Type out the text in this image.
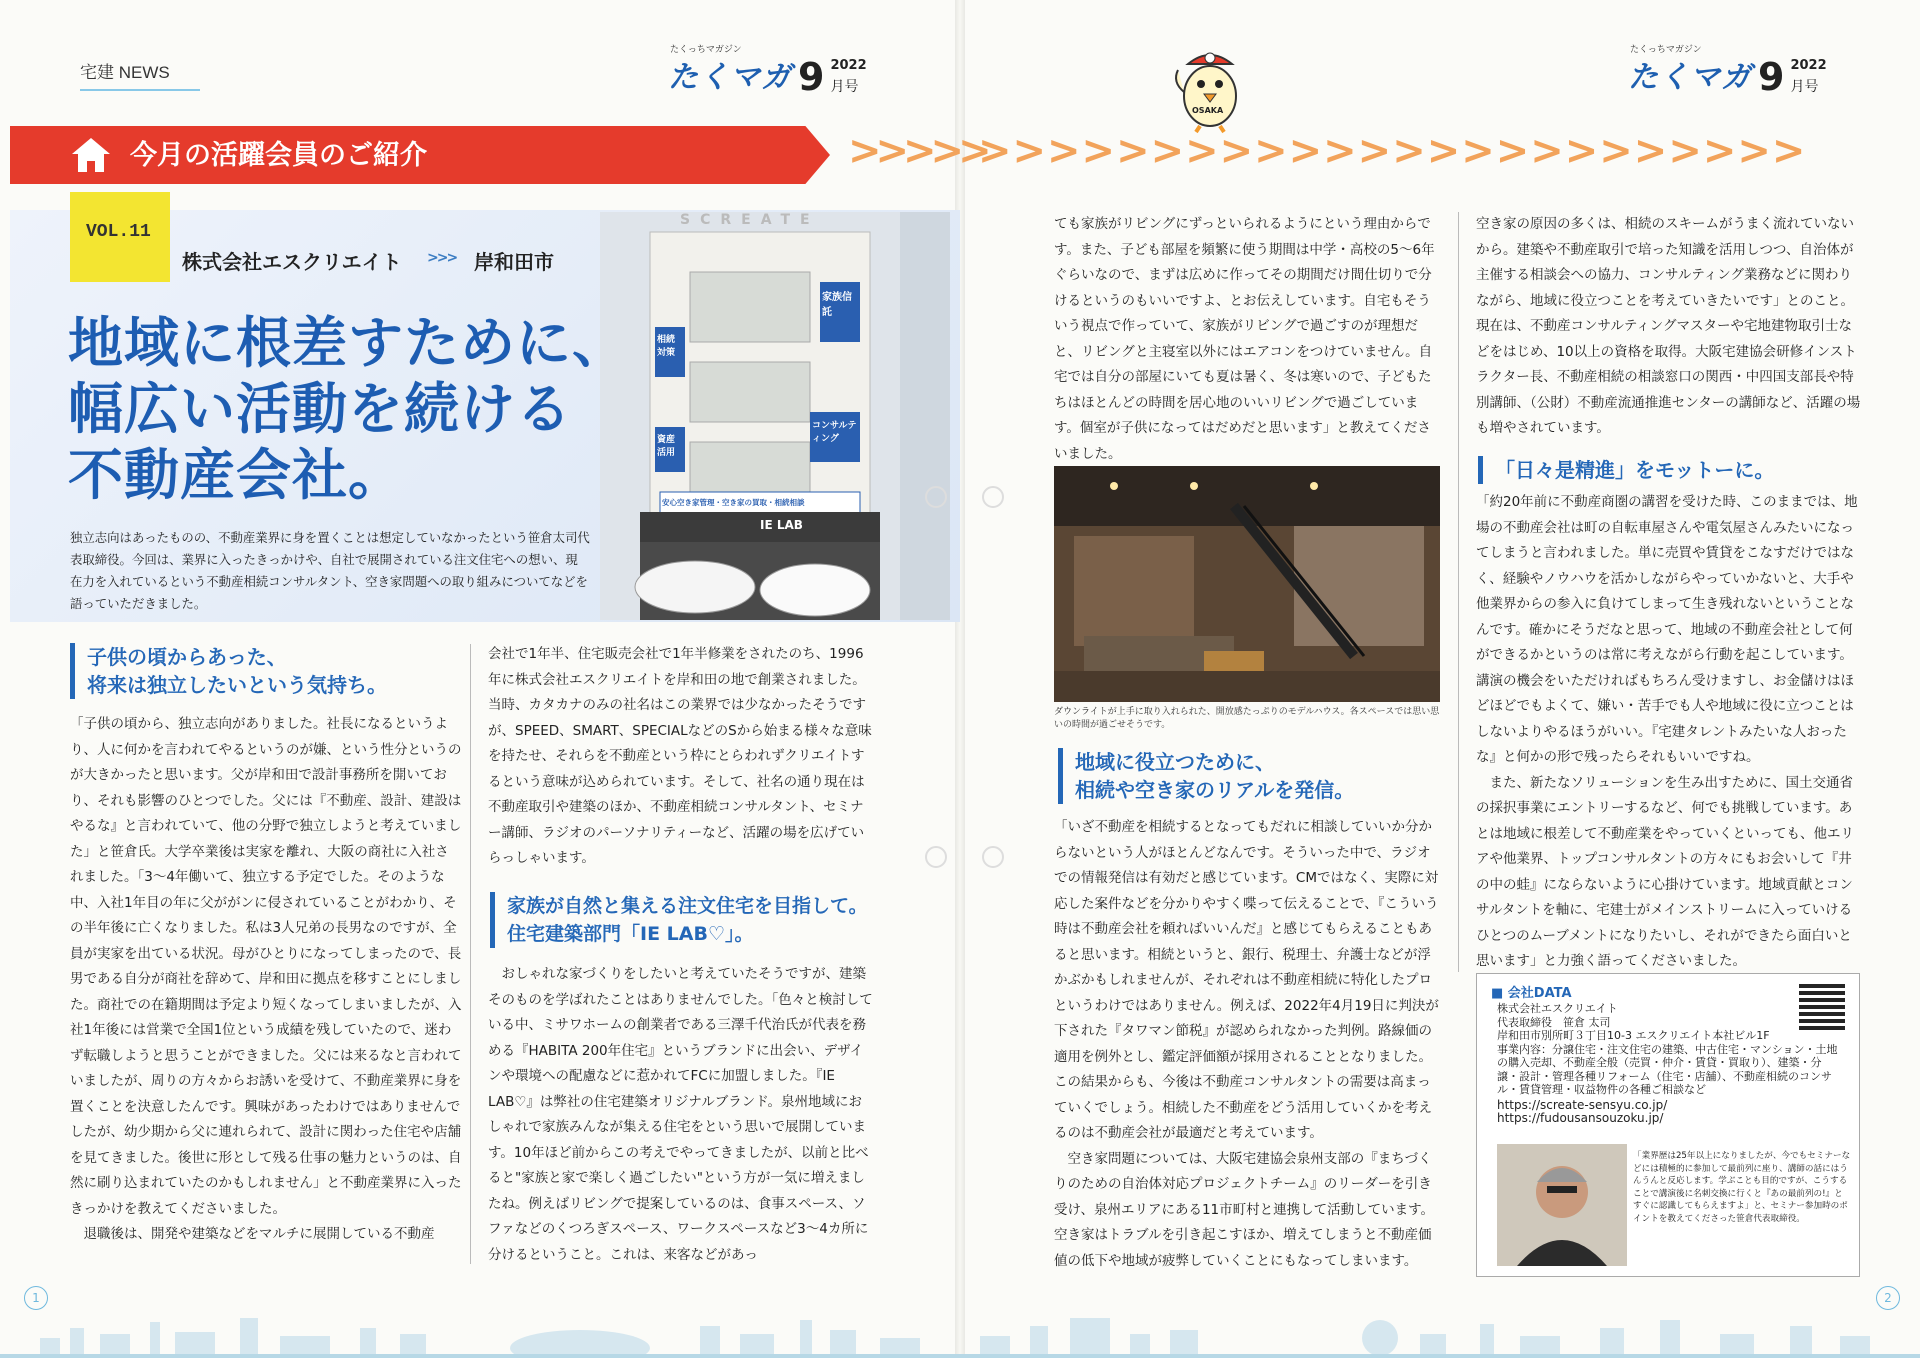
宅建 NEWS
たくっちマガジン
たくマガ 9 2022
月号
OSAKA
たくっちマガジン
たくマガ 9 2022
月号
今月の活躍会員のご紹介	>>>>>
>>>>>>>>>>>>>>>>>>>>>>>>
SCREATE
家族信託
相続対策
資産活用
コンサルティング
安心空き家管理・空き家の買取・相続相談
IE LAB
VOL.11
株式会社エスクリエイト >>> 岸和田市
地域に根差すために、
幅広い活動を続ける
不動産会社。
独立志向はあったものの、不動産業界に身を置くことは想定していなかったという笹倉太司代表取締役。今回は、業界に入ったきっかけや、自社で展開されている注文住宅への想い、現在力を入れているという不動産相続コンサルタント、空き家問題への取り組みについてなどを語っていただきました。
子供の頃からあった、
将来は独立したいという気持ち。
「子供の頃から、独立志向がありました。社長になるというより、人に何かを言われてやるというのが嫌、という性分というのが大きかったと思います。父が岸和田で設計事務所を開いており、それも影響のひとつでした。父には『不動産、設計、建設はやるな』と言われていて、他の分野で独立しようと考えていました」と笹倉氏。大学卒業後は実家を離れ、大阪の商社に入社されました。「3〜4年働いて、独立する予定でした。そのような中、入社1年目の年に父ががンに侵されていることがわかり、その半年後に亡くなりました。私は3人兄弟の長男なのですが、全員が実家を出ている状況。母がひとりになってしまったので、長男である自分が商社を辞めて、岸和田に拠点を移すことにしました。商社での在籍期間は予定より短くなってしまいましたが、入社1年後には営業で全国1位という成績を残していたので、迷わず転職しようと思うことができました。父には来るなと言われていましたが、周りの方々からお誘いを受けて、不動産業界に身を置くことを決意したんです。興味があったわけではありませんでしたが、幼少期から父に連れられて、設計に関わった住宅や店舗を見てきました。後世に形として残る仕事の魅力というのは、自然に刷り込まれていたのかもしれません」と不動産業界に入ったきっかけを教えてくださいました。
退職後は、開発や建築などをマルチに展開している不動産
会社で1年半、住宅販売会社で1年半修業をされたのち、1996年に株式会社エスクリエイトを岸和田の地で創業されました。当時、カタカナのみの社名はこの業界では少なかったそうですが、SPEED、SMART、SPECIALなどのSから始まる様々な意味を持たせ、それらを不動産という枠にとらわれずクリエイトするという意味が込められています。そして、社名の通り現在は不動産取引や建築のほか、不動産相続コンサルタント、セミナー講師、ラジオのパーソナリティーなど、活躍の場を広げていらっしゃいます。
家族が自然と集える注文住宅を目指して。
住宅建築部門「IE LAB♡」。
おしゃれな家づくりをしたいと考えていたそうですが、建築そのものを学ばれたことはありませんでした。「色々と検討している中、ミサワホームの創業者である三澤千代治氏が代表を務める『HABITA 200年住宅』というブランドに出会い、デザインや環境への配慮などに惹かれてFCに加盟しました。『IE LAB♡』は弊社の住宅建築オリジナルブランド。泉州地域におしゃれで家族みんなが集える住宅をという思いで展開しています。10年ほど前からこの考えでやってきましたが、以前と比べると"家族と家で楽しく過ごしたい"という方が一気に増えましたね。例えばリビングで提案しているのは、食事スペース、ソファなどのくつろぎスペース、ワークスペースなど3〜4カ所に分けるということ。これは、来客などがあっ
ても家族がリビングにずっといられるようにという理由からです。また、子ども部屋を頻繁に使う期間は中学・高校の5〜6年ぐらいなので、まずは広めに作ってその期間だけ間仕切りで分けるというのもいいですよ、とお伝えしています。自宅もそういう視点で作っていて、家族がリビングで過ごすのが理想だと、リビングと主寝室以外にはエアコンをつけていません。自宅では自分の部屋にいても夏は暑く、冬は寒いので、子どもたちはほとんどの時間を居心地のいいリビングで過ごしています。個室が子供になってはだめだと思います」と教えてくださいました。
ダウンライトが上手に取り入れられた、開放感たっぷりのモデルハウス。各スペースでは思い思いの時間が過ごせそうです。
地域に役立つために、
相続や空き家のリアルを発信。
「いざ不動産を相続するとなってもだれに相談していいか分からないという人がほとんどなんです。そういった中で、ラジオでの情報発信は有効だと感じています。CMではなく、実際に対応した案件などを分かりやすく喋って伝えることで、『こういう時は不動産会社を頼ればいいんだ』と感じてもらえることもあると思います。相続というと、銀行、税理士、弁護士などが浮かぶかもしれませんが、それぞれは不動産相続に特化したプロというわけではありません。例えば、2022年4月19日に判決が下された『タワマン節税』が認められなかった判例。路線価の適用を例外とし、鑑定評価額が採用されることとなりました。この結果からも、今後は不動産コンサルタントの需要は高まっていくでしょう。相続した不動産をどう活用していくかを考えるのは不動産会社が最適だと考えています。
空き家問題については、大阪宅建協会泉州支部の『まちづくりのための自治体対応プロジェクトチーム』のリーダーを引き受け、泉州エリアにある11市町村と連携して活動しています。空き家はトラブルを引き起こすほか、増えてしまうと不動産価値の低下や地域が疲弊していくことにもなってしまいます。
空き家の原因の多くは、相続のスキームがうまく流れていないから。建築や不動産取引で培った知識を活用しつつ、自治体が主催する相談会への協力、コンサルティング業務などに関わりながら、地域に役立つことを考えていきたいです」とのこと。現在は、不動産コンサルティングマスターや宅地建物取引士などをはじめ、10以上の資格を取得。大阪宅建協会研修インストラクター長、不動産相続の相談窓口の関西・中四国支部長や特別講師、（公財）不動産流通推進センターの講師など、活躍の場も増やされています。
「日々是精進」をモットーに。
「約20年前に不動産商圏の講習を受けた時、このままでは、地場の不動産会社は町の自転車屋さんや電気屋さんみたいになってしまうと言われました。単に売買や賃貸をこなすだけではなく、経験やノウハウを活かしながらやっていかないと、大手や他業界からの参入に負けてしまって生き残れないということなんです。確かにそうだなと思って、地域の不動産会社として何ができるかというのは常に考えながら行動を起こしています。講演の機会をいただければもちろん受けますし、お金儲けはほどほどでもよくて、嫌い・苦手でも人や地域に役に立つことはしないよりやるほうがいい。『宅建タレントみたいな人おったな』と何かの形で残ったらそれもいいですね。
また、新たなソリューションを生み出すために、国土交通省の採択事業にエントリーするなど、何でも挑戦しています。あとは地域に根差して不動産業をやっていくといっても、他エリアや他業界、トップコンサルタントの方々にもお会いして『井の中の蛙』にならないように心掛けています。地域貢献とコンサルタントを軸に、宅建士がメインストリームに入っていけるひとつのムーブメントになりたいし、それができたら面白いと思います」と力強く語ってくださいました。
■ 会社DATA
株式会社エスクリエイト
代表取締役　笹倉 太司
岸和田市別所町３丁目10-3 エスクリエイト本社ビル1F
事業内容：分譲住宅・注文住宅の建築、中古住宅・マンション・土地の購入売却、不動産全般（売買・仲介・賃貸・買取り）、建築・分譲・設計・管理各種リフォーム（住宅・店舗）、不動産相続のコンサル・賃貸管理・収益物件の各種ご相談など
https://screate-sensyu.co.jp/
https://fudousansouzoku.jp/
「業界歴は25年以上になりましたが、今でもセミナーなどには積極的に参加して最前列に座り、講師の話にはうんうんと反応します。学ぶことも目的ですが、こうすることで講演後に名刺交換に行くと『あの最前列の!』とすぐに認識してもらえますよ」と、セミナー参加時のポイントを教えてくださった笹倉代表取締役。
1	2
